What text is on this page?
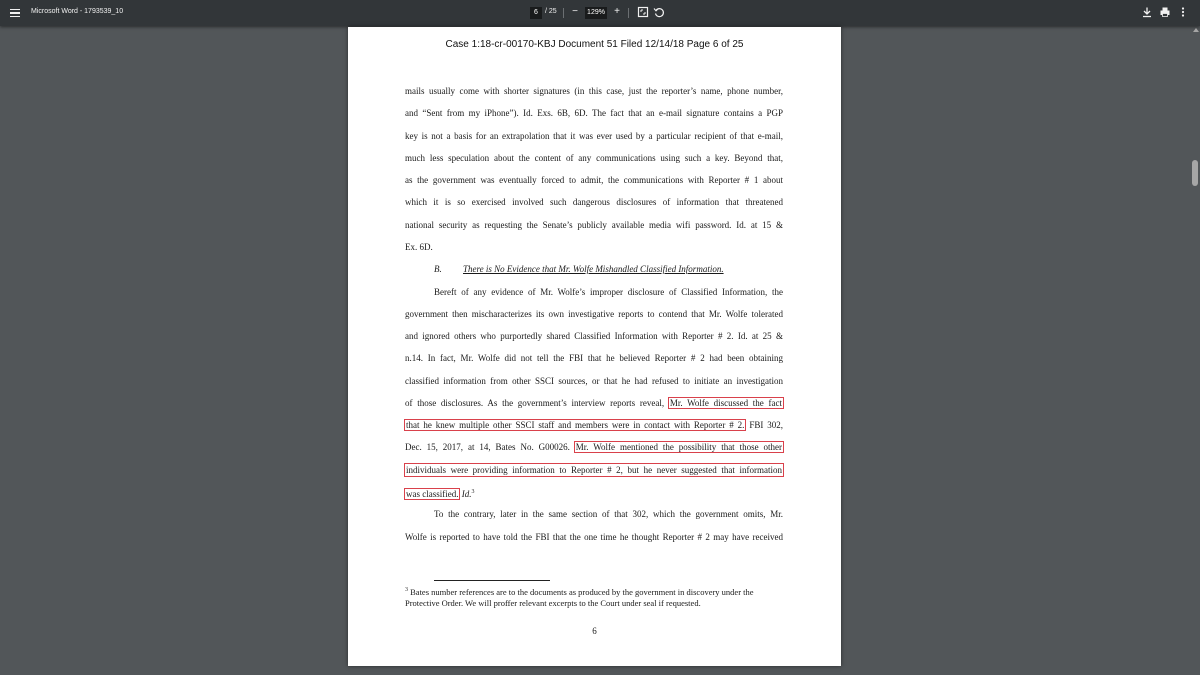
Microsoft Word - 1793539_10	6	/ 25 − 129% +
Case 1:18-cr-00170-KBJ Document 51 Filed 12/14/18 Page 6 of 25
mails usually come with shorter signatures (in this case, just the reporter’s name, phone number,
and “Sent from my iPhone”). Id. Exs. 6B, 6D. The fact that an e-mail signature contains a PGP
key is not a basis for an extrapolation that it was ever used by a particular recipient of that e-mail,
much less speculation about the content of any communications using such a key. Beyond that,
as the government was eventually forced to admit, the communications with Reporter # 1 about
which it is so exercised involved such dangerous disclosures of information that threatened
national security as requesting the Senate’s publicly available media wifi password. Id. at 15 &
Ex. 6D.
B. There is No Evidence that Mr. Wolfe Mishandled Classified Information.
Bereft of any evidence of Mr. Wolfe’s improper disclosure of Classified Information, the
government then mischaracterizes its own investigative reports to contend that Mr. Wolfe tolerated
and ignored others who purportedly shared Classified Information with Reporter # 2. Id. at 25 &
n.14. In fact, Mr. Wolfe did not tell the FBI that he believed Reporter # 2 had been obtaining
classified information from other SSCI sources, or that he had refused to initiate an investigation
of those disclosures. As the government’s interview reports reveal, Mr. Wolfe discussed the fact
that he knew multiple other SSCI staff and members were in contact with Reporter # 2. FBI 302,
Dec. 15, 2017, at 14, Bates No. G00026. Mr. Wolfe mentioned the possibility that those other
individuals were providing information to Reporter # 2, but he never suggested that information
was classified. Id.$^3$
To the contrary, later in the same section of that 302, which the government omits, Mr.
Wolfe is reported to have told the FBI that the one time he thought Reporter # 2 may have received
$^3$ Bates number references are to the documents as produced by the government in discovery under the Protective Order. We will proffer relevant excerpts to the Court under seal if requested.
6
